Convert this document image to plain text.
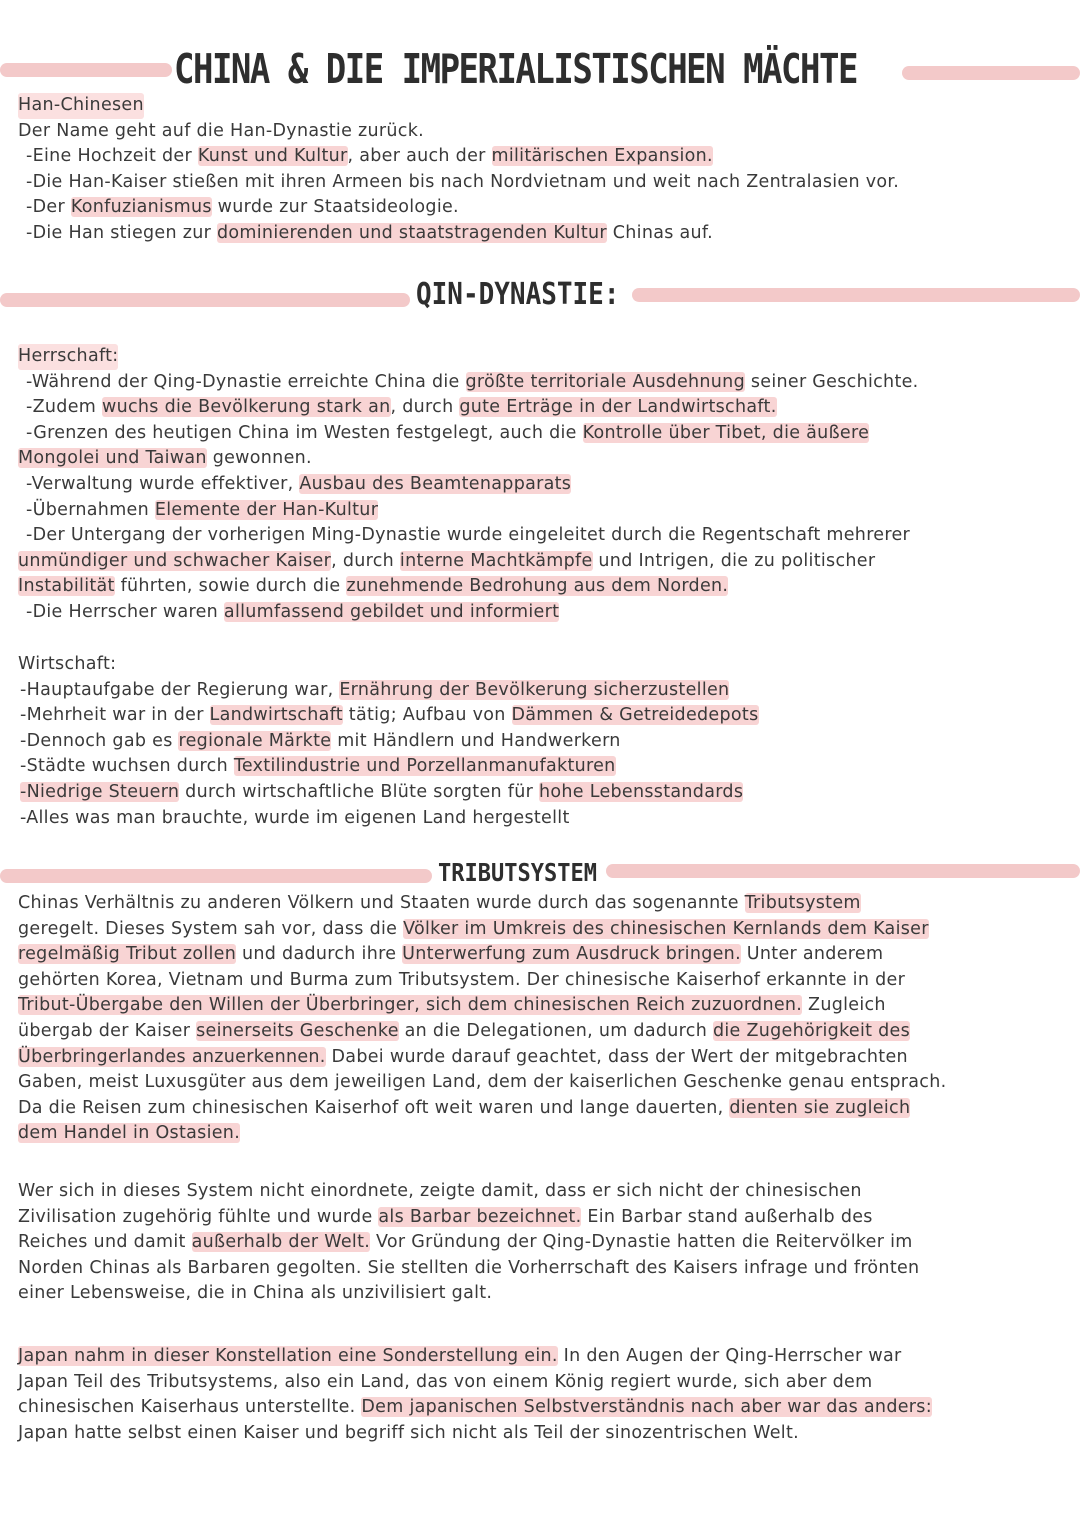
CHINA & DIE IMPERIALISTISCHEN MÄCHTE

Han-Chinesen

Der Name geht auf die Han-Dynastie zurück.

-Eine Hochzeit der Kunst und Kultur, aber auch der militärischen Expansion.

-Die Han-Kaiser stießen mit ihren Armeen bis nach Nordvietnam und weit nach Zentralasien vor.

-Der Konfuzianismus wurde zur Staatsideologie.

-Die Han stiegen zur dominierenden und staatstragenden Kultur Chinas auf.

QIN-DYNASTIE:

Herrschaft:

-Während der Qing-Dynastie erreichte China die größte territoriale Ausdehnung seiner Geschichte.

-Zudem wuchs die Bevölkerung stark an, durch gute Erträge in der Landwirtschaft.

-Grenzen des heutigen China im Westen festgelegt, auch die Kontrolle über Tibet, die äußere

Mongolei und Taiwan gewonnen.

-Verwaltung wurde effektiver, Ausbau des Beamtenapparats

-Übernahmen Elemente der Han-Kultur

-Der Untergang der vorherigen Ming-Dynastie wurde eingeleitet durch die Regentschaft mehrerer

unmündiger und schwacher Kaiser, durch interne Machtkämpfe und Intrigen, die zu politischer

Instabilität führten, sowie durch die zunehmende Bedrohung aus dem Norden.

-Die Herrscher waren allumfassend gebildet und informiert

Wirtschaft:

-Hauptaufgabe der Regierung war, Ernährung der Bevölkerung sicherzustellen

-Mehrheit war in der Landwirtschaft tätig; Aufbau von Dämmen & Getreidedepots

-Dennoch gab es regionale Märkte mit Händlern und Handwerkern

-Städte wuchsen durch Textilindustrie und Porzellanmanufakturen

-Niedrige Steuern durch wirtschaftliche Blüte sorgten für hohe Lebensstandards

-Alles was man brauchte, wurde im eigenen Land hergestellt

TRIBUTSYSTEM

Chinas Verhältnis zu anderen Völkern und Staaten wurde durch das sogenannte Tributsystem

geregelt. Dieses System sah vor, dass die Völker im Umkreis des chinesischen Kernlands dem Kaiser

regelmäßig Tribut zollen und dadurch ihre Unterwerfung zum Ausdruck bringen. Unter anderem

gehörten Korea, Vietnam und Burma zum Tributsystem. Der chinesische Kaiserhof erkannte in der

Tribut-Übergabe den Willen der Überbringer, sich dem chinesischen Reich zuzuordnen. Zugleich

übergab der Kaiser seinerseits Geschenke an die Delegationen, um dadurch die Zugehörigkeit des

Überbringerlandes anzuerkennen. Dabei wurde darauf geachtet, dass der Wert der mitgebrachten

Gaben, meist Luxusgüter aus dem jeweiligen Land, dem der kaiserlichen Geschenke genau entsprach.

Da die Reisen zum chinesischen Kaiserhof oft weit waren und lange dauerten, dienten sie zugleich

dem Handel in Ostasien.

Wer sich in dieses System nicht einordnete, zeigte damit, dass er sich nicht der chinesischen

Zivilisation zugehörig fühlte und wurde als Barbar bezeichnet. Ein Barbar stand außerhalb des

Reiches und damit außerhalb der Welt. Vor Gründung der Qing-Dynastie hatten die Reitervölker im

Norden Chinas als Barbaren gegolten. Sie stellten die Vorherrschaft des Kaisers infrage und frönten

einer Lebensweise, die in China als unzivilisiert galt.

Japan nahm in dieser Konstellation eine Sonderstellung ein. In den Augen der Qing-Herrscher war

Japan Teil des Tributsystems, also ein Land, das von einem König regiert wurde, sich aber dem

chinesischen Kaiserhaus unterstellte. Dem japanischen Selbstverständnis nach aber war das anders:

Japan hatte selbst einen Kaiser und begriff sich nicht als Teil der sinozentrischen Welt.
